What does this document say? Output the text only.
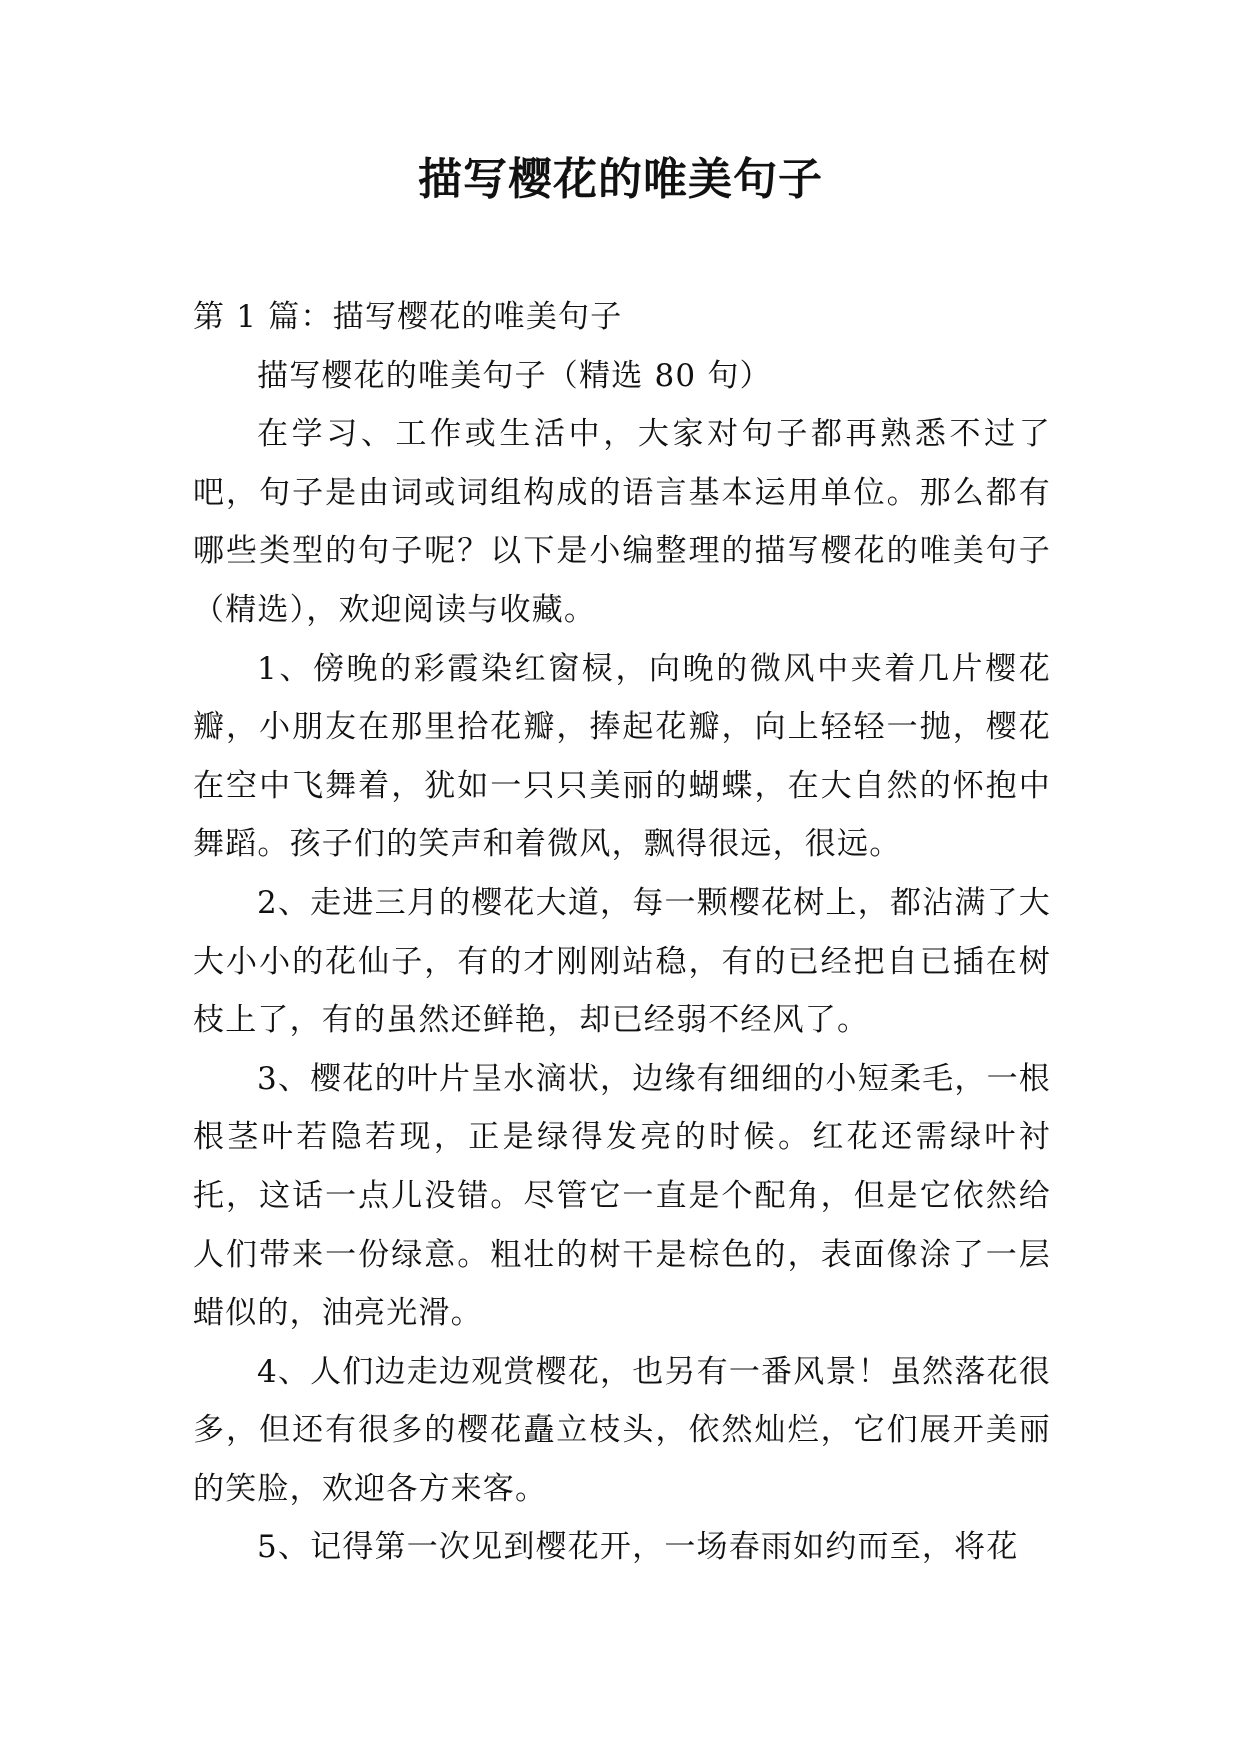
描写樱花的唯美句子

第 1 篇：描写樱花的唯美句子

描写樱花的唯美句子（精选 80 句）

在学习、工作或生活中，大家对句子都再熟悉不过了吧，句子是由词或词组构成的语言基本运用单位。那么都有哪些类型的句子呢？以下是小编整理的描写樱花的唯美句子（精选），欢迎阅读与收藏。

1、傍晚的彩霞染红窗棂，向晚的微风中夹着几片樱花瓣，小朋友在那里拾花瓣，捧起花瓣，向上轻轻一抛，樱花在空中飞舞着，犹如一只只美丽的蝴蝶，在大自然的怀抱中舞蹈。孩子们的笑声和着微风，飘得很远，很远。

2、走进三月的樱花大道，每一颗樱花树上，都沾满了大大小小的花仙子，有的才刚刚站稳，有的已经把自已插在树枝上了，有的虽然还鲜艳，却已经弱不经风了。

3、樱花的叶片呈水滴状，边缘有细细的小短柔毛，一根根茎叶若隐若现，正是绿得发亮的时候。红花还需绿叶衬托，这话一点儿没错。尽管它一直是个配角，但是它依然给人们带来一份绿意。粗壮的树干是棕色的，表面像涂了一层蜡似的，油亮光滑。

4、人们边走边观赏樱花，也另有一番风景！虽然落花很多，但还有很多的樱花矗立枝头，依然灿烂，它们展开美丽的笑脸，欢迎各方来客。

5、记得第一次见到樱花开，一场春雨如约而至，将花
